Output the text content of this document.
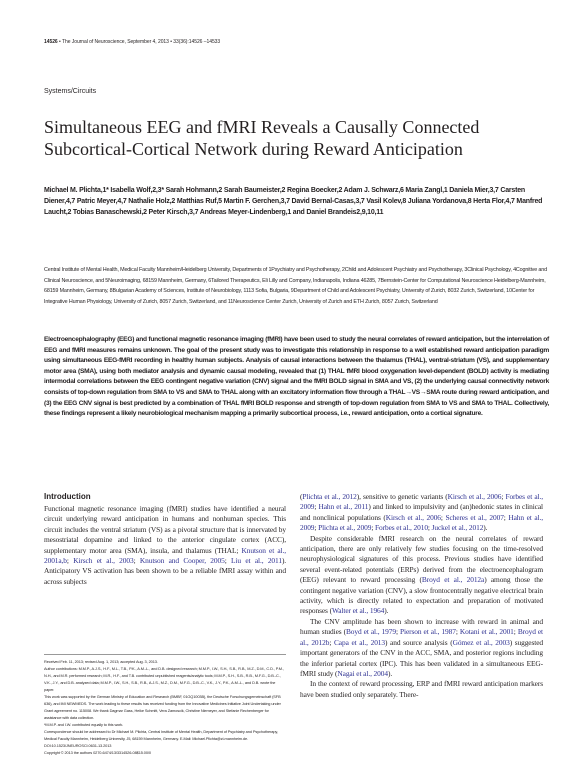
14526 • The Journal of Neuroscience, September 4, 2013 • 33(36):14526 –14533
Systems/Circuits
Simultaneous EEG and fMRI Reveals a Causally Connected
Subcortical-Cortical Network during Reward Anticipation
Michael M. Plichta,1* Isabella Wolf,2,3* Sarah Hohmann,2 Sarah Baumeister,2 Regina Boecker,2 Adam J. Schwarz,6 Maria Zangl,1 Daniela Mier,3,7 Carsten Diener,4,7 Patric Meyer,4,7 Nathalie Holz,2 Matthias Ruf,5 Martin F. Gerchen,3,7 David Bernal-Casas,3,7 Vasil Kolev,8 Juliana Yordanova,8 Herta Flor,4,7 Manfred Laucht,2 Tobias Banaschewski,2 Peter Kirsch,3,7 Andreas Meyer-Lindenberg,1 and Daniel Brandeis2,9,10,11
Central Institute of Mental Health, Medical Faculty Mannheim/Heidelberg University, Departments of 1Psychiatry and Psychotherapy, 2Child and Adolescent Psychiatry and Psychotherapy, 3Clinical Psychology, 4Cognitive and Clinical Neuroscience, and 5Neuroimaging, 68159 Mannheim, Germany, 6Tailored Therapeutics, Eli Lilly and Company, Indianapolis, Indiana 46285, 7Bernstein-Center for Computational Neuroscience Heidelberg-Mannheim, 68159 Mannheim, Germany, 8Bulgarian Academy of Sciences, Institute of Neurobiology, 1113 Sofia, Bulgaria, 9Department of Child and Adolescent Psychiatry, University of Zurich, 8032 Zurich, Switzerland, 10Center for Integrative Human Physiology, University of Zurich, 8057 Zurich, Switzerland, and 11Neuroscience Center Zurich, University of Zurich and ETH Zurich, 8057 Zurich, Switzerland
Electroencephalography (EEG) and functional magnetic resonance imaging (fMRI) have been used to study the neural correlates of reward anticipation, but the interrelation of EEG and fMRI measures remains unknown. The goal of the present study was to investigate this relationship in response to a well established reward anticipation paradigm using simultaneous EEG-fMRI recording in healthy human subjects. Analysis of causal interactions between the thalamus (THAL), ventral-striatum (VS), and supplementary motor area (SMA), using both mediator analysis and dynamic causal modeling, revealed that (1) THAL fMRI blood oxygenation level-dependent (BOLD) activity is mediating intermodal correlations between the EEG contingent negative variation (CNV) signal and the fMRI BOLD signal in SMA and VS, (2) the underlying causal connectivity network consists of top-down regulation from SMA to VS and SMA to THAL along with an excitatory information flow through a THAL→VS→SMA route during reward anticipation, and (3) the EEG CNV signal is best predicted by a combination of THAL fMRI BOLD response and strength of top-down regulation from SMA to VS and SMA to THAL. Collectively, these findings represent a likely neurobiological mechanism mapping a primarily subcortical process, i.e., reward anticipation, onto a cortical signature.
Introduction

Functional magnetic resonance imaging (fMRI) studies have identified a neural circuit underlying reward anticipation in humans and nonhuman species. This circuit includes the ventral striatum (VS) as a pivotal structure that is innervated by mesostriatal dopamine and linked to the anterior cingulate cortex (ACC), supplementary motor area (SMA), insula, and thalamus (THAL; Knutson et al., 2001a,b; Kirsch et al., 2003; Knutson and Cooper, 2005; Liu et al., 2011). Anticipatory VS activation has been shown to be a reliable fMRI assay within and across subjects

Received Feb. 11, 2013; revised Aug. 1, 2013; accepted Aug. 3, 2013.

Author contributions: M.M.P., A.J.S., H.F., M.L., T.B., P.K., A.M.-L., and D.B. designed research; M.M.P., I.W., S.H., S.B., R.B., M.Z., D.M., C.D., P.M., N.H., and M.R. performed research; M.R., H.F., and T.B. contributed unpublished reagents/analytic tools; M.M.P., S.H., S.B., R.B., M.F.G., D.B.-C., V.K., J.Y., and D.B. analyzed data; M.M.P., I.W., S.H., S.B., R.B., A.J.S., M.Z., D.M., M.F.G., D.B.-C., V.K., J.Y., P.K., A.M.-L., and D.B. wrote the paper.

This work was supported by the German Ministry of Education and Research (BMBF, 01GQ1003B), the Deutsche Forschungsgemeinschaft (SFB 636), and IMI NEWMEDS. The work leading to these results has received funding from the Innovative Medicines Initiative Joint Undertaking under Grant agreement no. 115008. We thank Dagmar Gass, Heike Schmitt, Vera Zamoscik, Christine Niemeyer, and Stefanie Rechenberger for assistance with data collection.

*M.M.P. and I.W. contributed equally to this work.

Correspondence should be addressed to Dr Michael M. Plichta, Central Institute of Mental Health, Department of Psychiatry and Psychotherapy, Medical Faculty Mannheim, Heidelberg University, J5, 68159 Mannheim, Germany. E-Mail: Michael.Plichta@zi-mannheim.de.

DOI:10.1523/JNEUROSCI.0631-13.2013

Copyright © 2013 the authors 0270-6474/13/3314526-08$15.00/0

(Plichta et al., 2012), sensitive to genetic variants (Kirsch et al., 2006; Forbes et al., 2009; Hahn et al., 2011) and linked to impulsivity and (an)hedonic states in clinical and nonclinical populations (Kirsch et al., 2006; Scheres et al., 2007; Hahn et al., 2009; Plichta et al., 2009; Forbes et al., 2010; Juckel et al., 2012).

Despite considerable fMRI research on the neural correlates of reward anticipation, there are only relatively few studies focusing on the time-resolved neurophysiological signatures of this process. Previous studies have identified several event-related potentials (ERPs) derived from the electroencephalogram (EEG) relevant to reward processing (Broyd et al., 2012a) among those the contingent negative variation (CNV), a slow frontocentrally negative electrical brain activity, which is directly related to expectation and preparation of motivated responses (Walter et al., 1964).

The CNV amplitude has been shown to increase with reward in animal and human studies (Boyd et al., 1979; Pierson et al., 1987; Kotani et al., 2001; Broyd et al., 2012b; Capa et al., 2013) and source analysis (Gómez et al., 2003) suggested important generators of the CNV in the ACC, SMA, and posterior regions including the inferior parietal cortex (IPC). This has been validated in a simultaneous EEG-fMRI study (Nagai et al., 2004).

In the context of reward processing, ERP and fMRI reward anticipation markers have been studied only separately. There-
